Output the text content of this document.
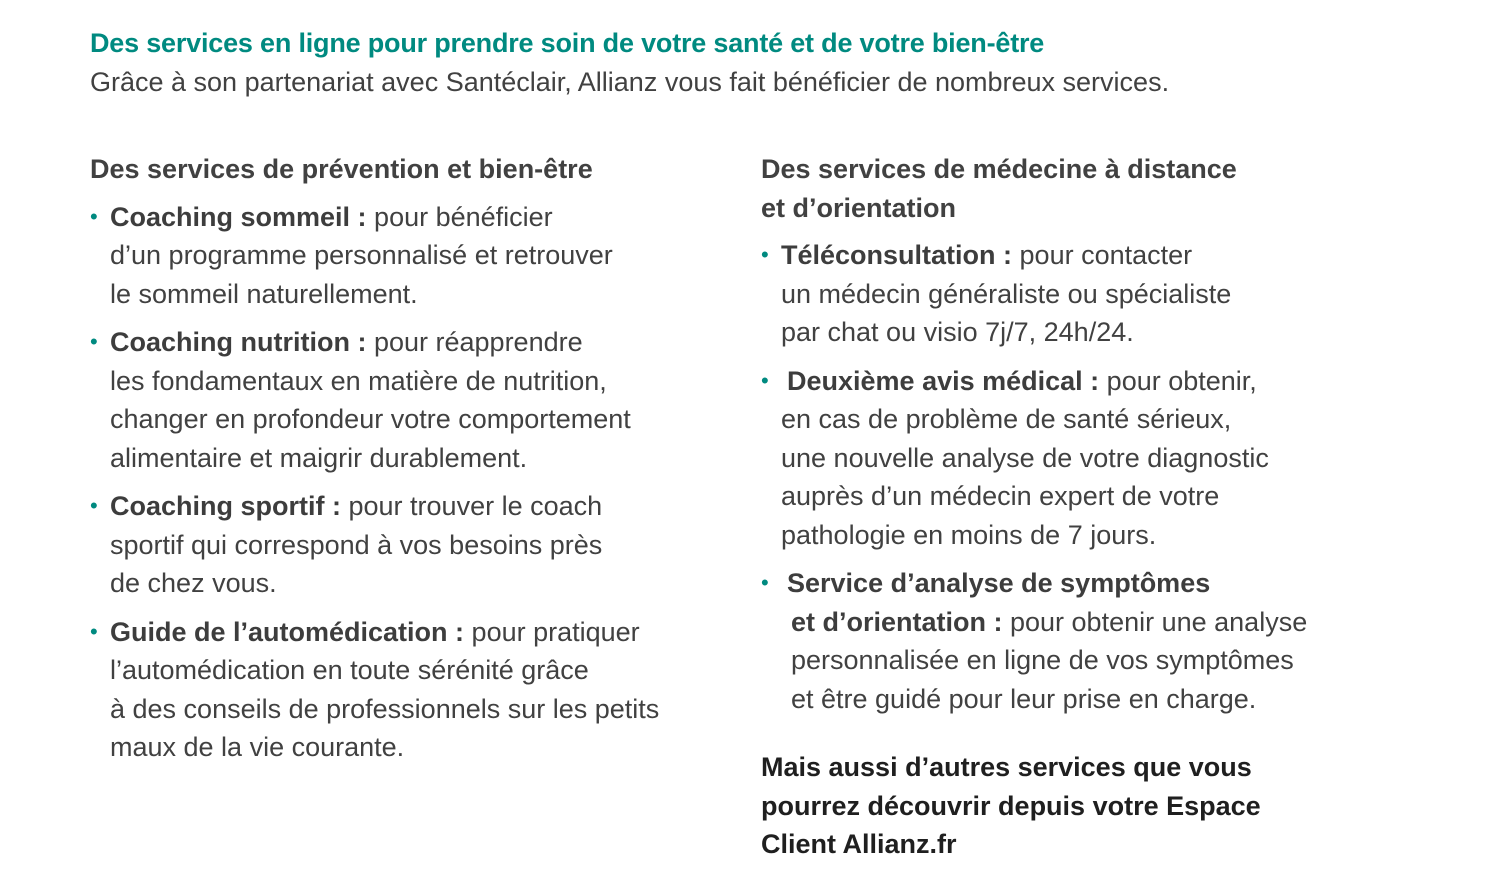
Des services en ligne pour prendre soin de votre santé et de votre bien-être
Grâce à son partenariat avec Santéclair, Allianz vous fait bénéficier de nombreux services.
Des services de prévention et bien-être
• Coaching sommeil : pour bénéficier
d’un programme personnalisé et retrouver
le sommeil naturellement.
• Coaching nutrition : pour réapprendre
les fondamentaux en matière de nutrition,
changer en profondeur votre comportement
alimentaire et maigrir durablement.
• Coaching sportif : pour trouver le coach
sportif qui correspond à vos besoins près
de chez vous.
• Guide de l’automédication : pour pratiquer
l’automédication en toute sérénité grâce
à des conseils de professionnels sur les petits
maux de la vie courante.
Des services de médecine à distance
et d’orientation
• Téléconsultation : pour contacter
un médecin généraliste ou spécialiste
par chat ou visio 7j/7, 24h/24.
• Deuxième avis médical : pour obtenir,
en cas de problème de santé sérieux,
une nouvelle analyse de votre diagnostic
auprès d’un médecin expert de votre
pathologie en moins de 7 jours.
• Service d’analyse de symptômes
et d’orientation : pour obtenir une analyse
personnalisée en ligne de vos symptômes
et être guidé pour leur prise en charge.
Mais aussi d’autres services que vous
pourrez découvrir depuis votre Espace
Client Allianz.fr
